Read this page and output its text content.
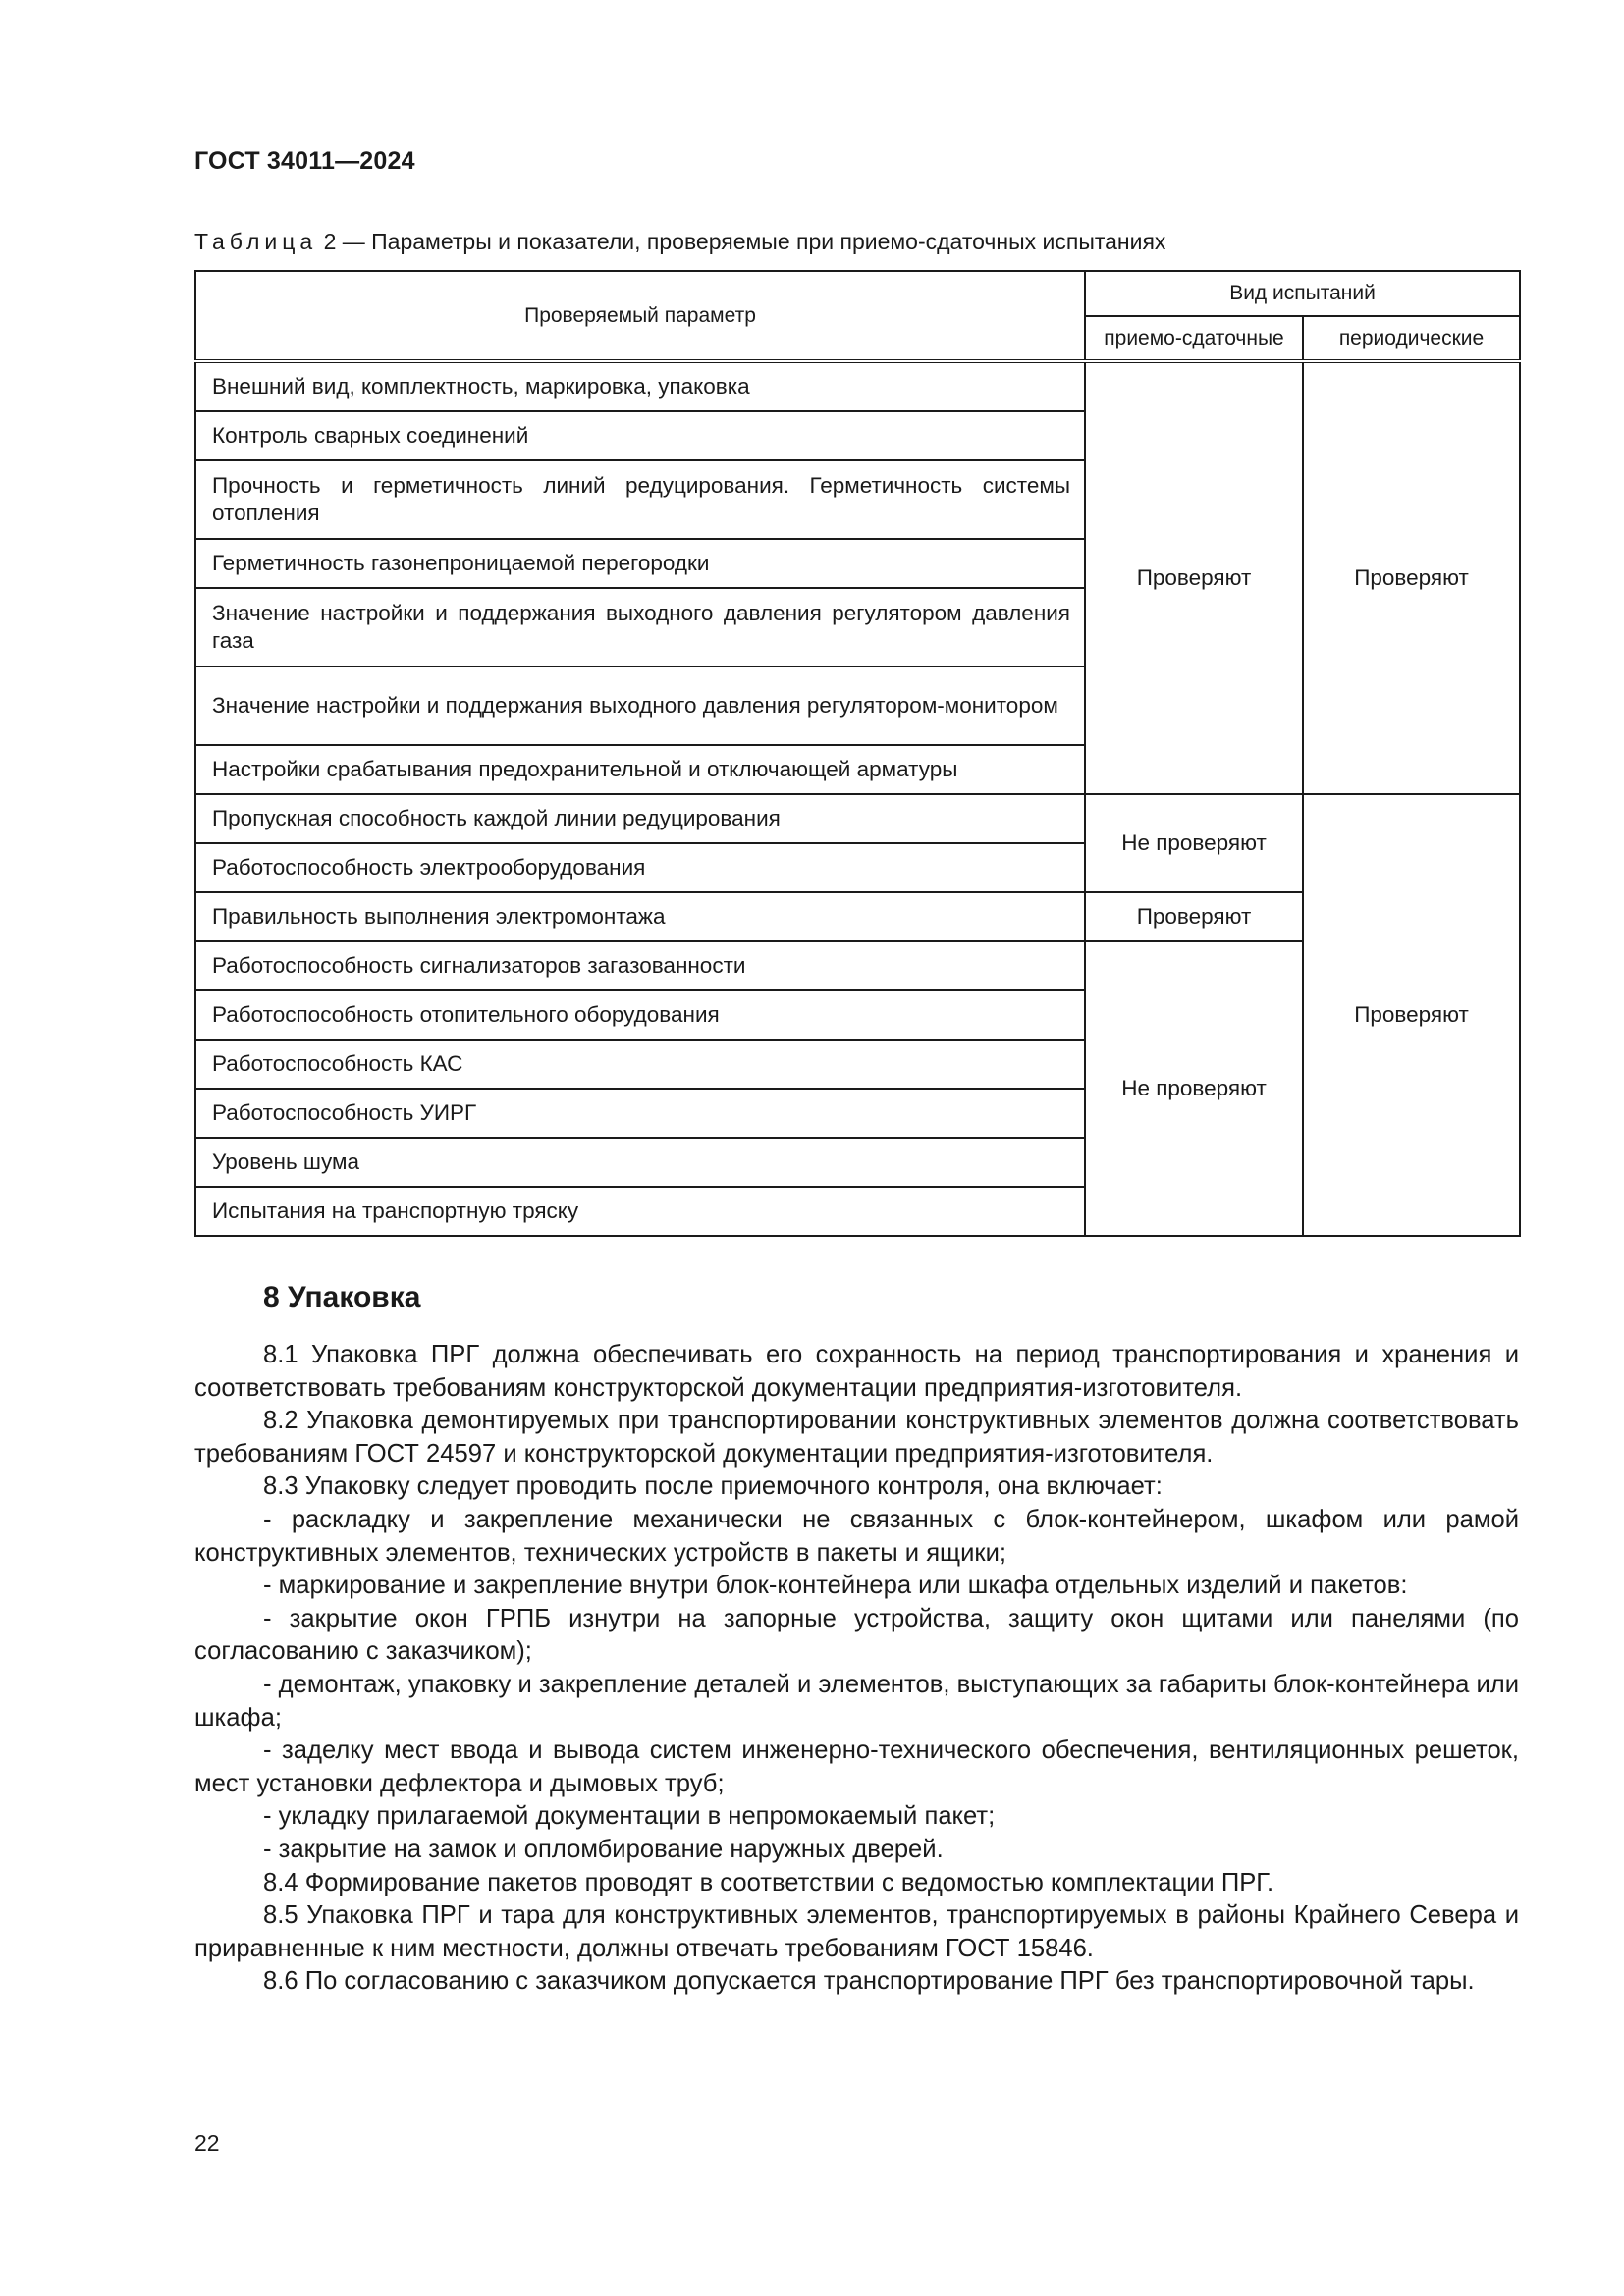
ГОСТ 34011—2024
Таблица 2 — Параметры и показатели, проверяемые при приемо-сдаточных испытаниях
Проверяемый параметр	Вид испытаний	
	приемо-сдаточные	периодические
Внешний вид, комплектность, маркировка, упаковка	Проверяют	Проверяют
Контроль сварных соединений		
Прочность и герметичность линий редуцирования. Герметичность системы отопления		
Герметичность газонепроницаемой перегородки		
Значение настройки и поддержания выходного давления регулятором давления газа		
Значение настройки и поддержания выходного давления регулятором-монитором		
Настройки срабатывания предохранительной и отключающей арматуры		
Пропускная способность каждой линии редуцирования	Не проверяют	Проверяют
Работоспособность электрооборудования		
Правильность выполнения электромонтажа	Проверяют	
Работоспособность сигнализаторов загазованности	Не проверяют	
Работоспособность отопительного оборудования		
Работоспособность КАС		
Работоспособность УИРГ		
Уровень шума		
Испытания на транспортную тряску		
8 Упаковка

8.1 Упаковка ПРГ должна обеспечивать его сохранность на период транспортирования и хранения и соответствовать требованиям конструкторской документации предприятия-изготовителя.

8.2 Упаковка демонтируемых при транспортировании конструктивных элементов должна соответствовать требованиям ГОСТ 24597 и конструкторской документации предприятия-изготовителя.

8.3 Упаковку следует проводить после приемочного контроля, она включает:

- раскладку и закрепление механически не связанных с блок-контейнером, шкафом или рамой конструктивных элементов, технических устройств в пакеты и ящики;

- маркирование и закрепление внутри блок-контейнера или шкафа отдельных изделий и пакетов:

- закрытие окон ГРПБ изнутри на запорные устройства, защиту окон щитами или панелями (по согласованию с заказчиком);

- демонтаж, упаковку и закрепление деталей и элементов, выступающих за габариты блок-контейнера или шкафа;

- заделку мест ввода и вывода систем инженерно-технического обеспечения, вентиляционных решеток, мест установки дефлектора и дымовых труб;

- укладку прилагаемой документации в непромокаемый пакет;

- закрытие на замок и опломбирование наружных дверей.

8.4 Формирование пакетов проводят в соответствии с ведомостью комплектации ПРГ.

8.5 Упаковка ПРГ и тара для конструктивных элементов, транспортируемых в районы Крайнего Севера и приравненные к ним местности, должны отвечать требованиям ГОСТ 15846.

8.6 По согласованию с заказчиком допускается транспортирование ПРГ без транспортировочной тары.

22
